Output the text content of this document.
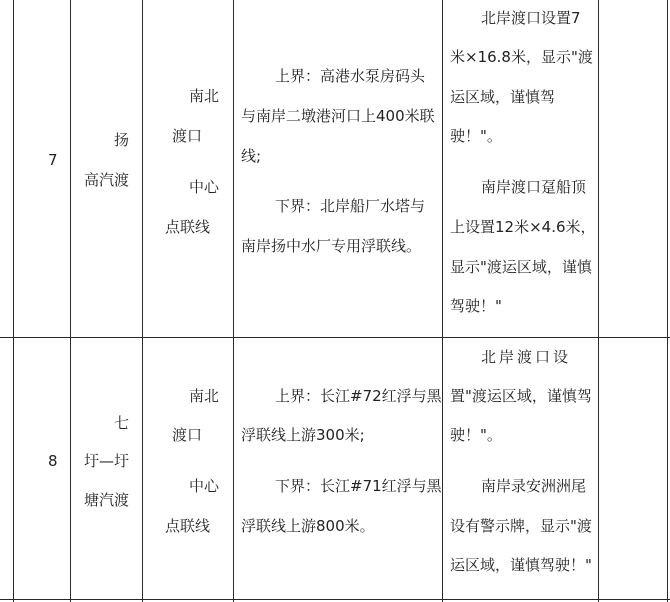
7
扬
高汽渡
南北
渡口
中心
点联线
上界：高港水泵房码头
与南岸二墩港河口上400米联
线;
下界：北岸船厂水塔与
南岸扬中水厂专用浮联线。
北岸渡口设置7
米×16.8米，显示"渡
运区域，谨慎驾
驶！"。
南岸渡口趸船顶
上设置12米×4.6米，
显示"渡运区域，谨慎
驾驶！"
8
七
圩—圩
塘汽渡
南北
渡口
中心
点联线
上界：长江#72红浮与黑
浮联线上游300米;
下界：长江#71红浮与黑
浮联线上游800米。
北岸渡口设
置"渡运区域，谨慎驾
驶！"。
南岸录安洲洲尾
设有警示牌，显示"渡
运区域，谨慎驾驶！"
